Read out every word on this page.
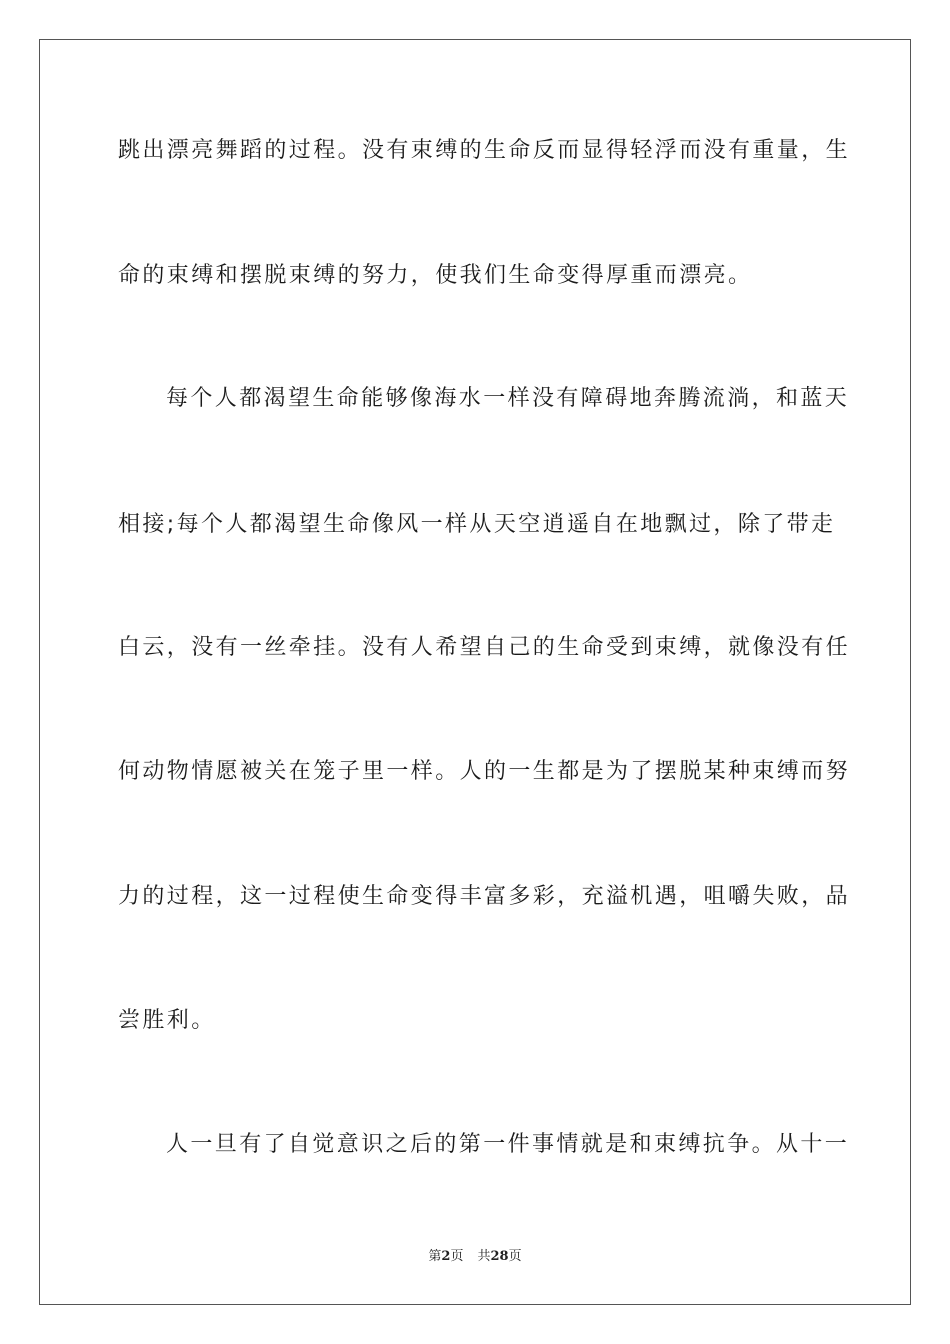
跳出漂亮舞蹈的过程。没有束缚的生命反而显得轻浮而没有重量，生
命的束缚和摆脱束缚的努力，使我们生命变得厚重而漂亮。
每个人都渴望生命能够像海水一样没有障碍地奔腾流淌，和蓝天
相接;每个人都渴望生命像风一样从天空逍遥自在地飘过，除了带走
白云，没有一丝牵挂。没有人希望自己的生命受到束缚，就像没有任
何动物情愿被关在笼子里一样。人的一生都是为了摆脱某种束缚而努
力的过程，这一过程使生命变得丰富多彩，充溢机遇，咀嚼失败，品
尝胜利。
人一旦有了自觉意识之后的第一件事情就是和束缚抗争。从十一
第2页 共28页
